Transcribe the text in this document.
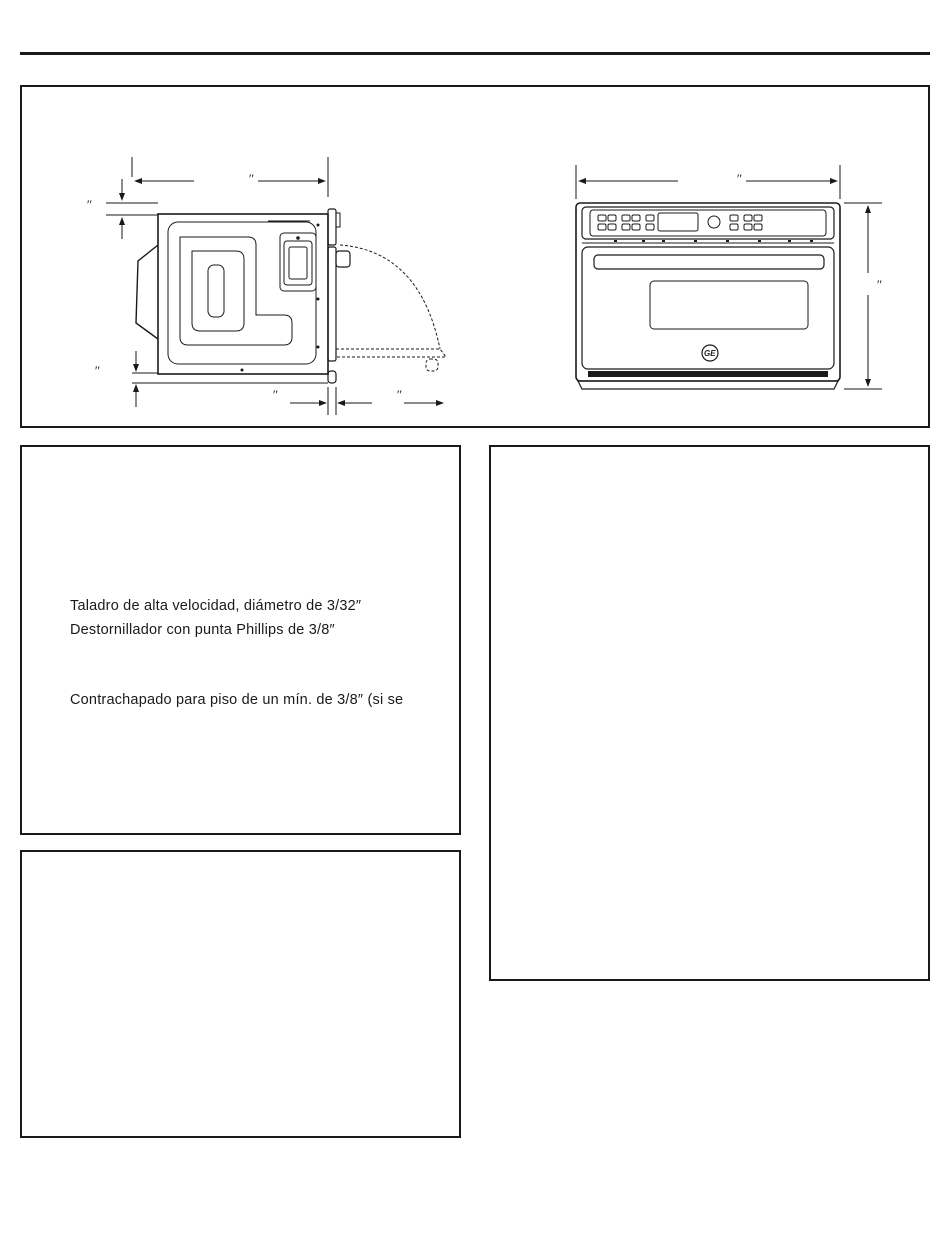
″
″
″
″	″
″
″
GE
Taladro de alta velocidad, diámetro de 3/32″
Destornillador con punta Phillips de 3/8″
Contrachapado para piso de un mín. de 3/8″ (si se
